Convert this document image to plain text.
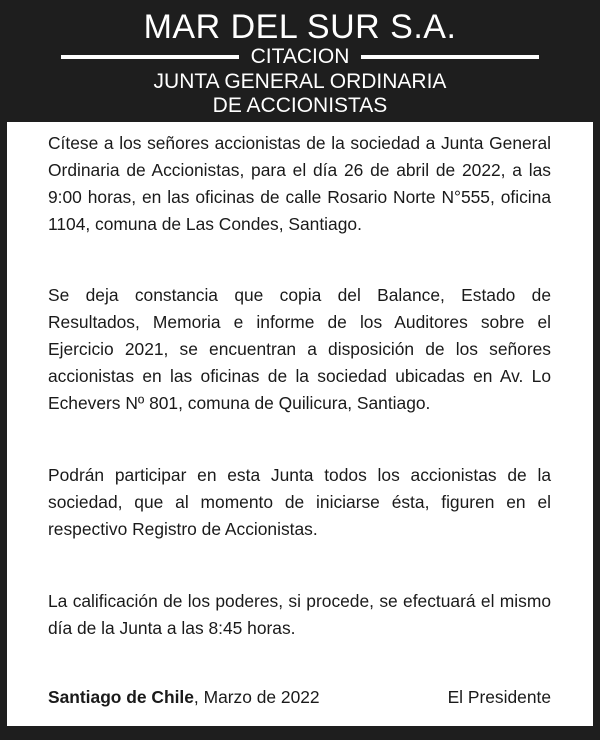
MAR DEL SUR S.A.
CITACION
JUNTA GENERAL ORDINARIA
DE ACCIONISTAS

Cítese a los señores accionistas de la sociedad a Junta General Ordinaria de Accionistas, para el día 26 de abril de 2022, a las 9:00 horas, en las oficinas de calle Rosario Norte N°555, oficina 1104, comuna de Las Condes, Santiago.

Se deja constancia que copia del Balance, Estado de Resultados, Memoria e informe de los Auditores sobre el Ejercicio 2021, se encuentran a disposición de los señores accionistas en las oficinas de la sociedad ubicadas en Av. Lo Echevers Nº 801, comuna de Quilicura, Santiago.

Podrán participar en esta Junta todos los accionistas de la sociedad, que al momento de iniciarse ésta, figuren en el respectivo Registro de Accionistas.

La calificación de los poderes, si procede, se efectuará el mismo día de la Junta a las 8:45 horas.

Santiago de Chile, Marzo de 2022	El Presidente
